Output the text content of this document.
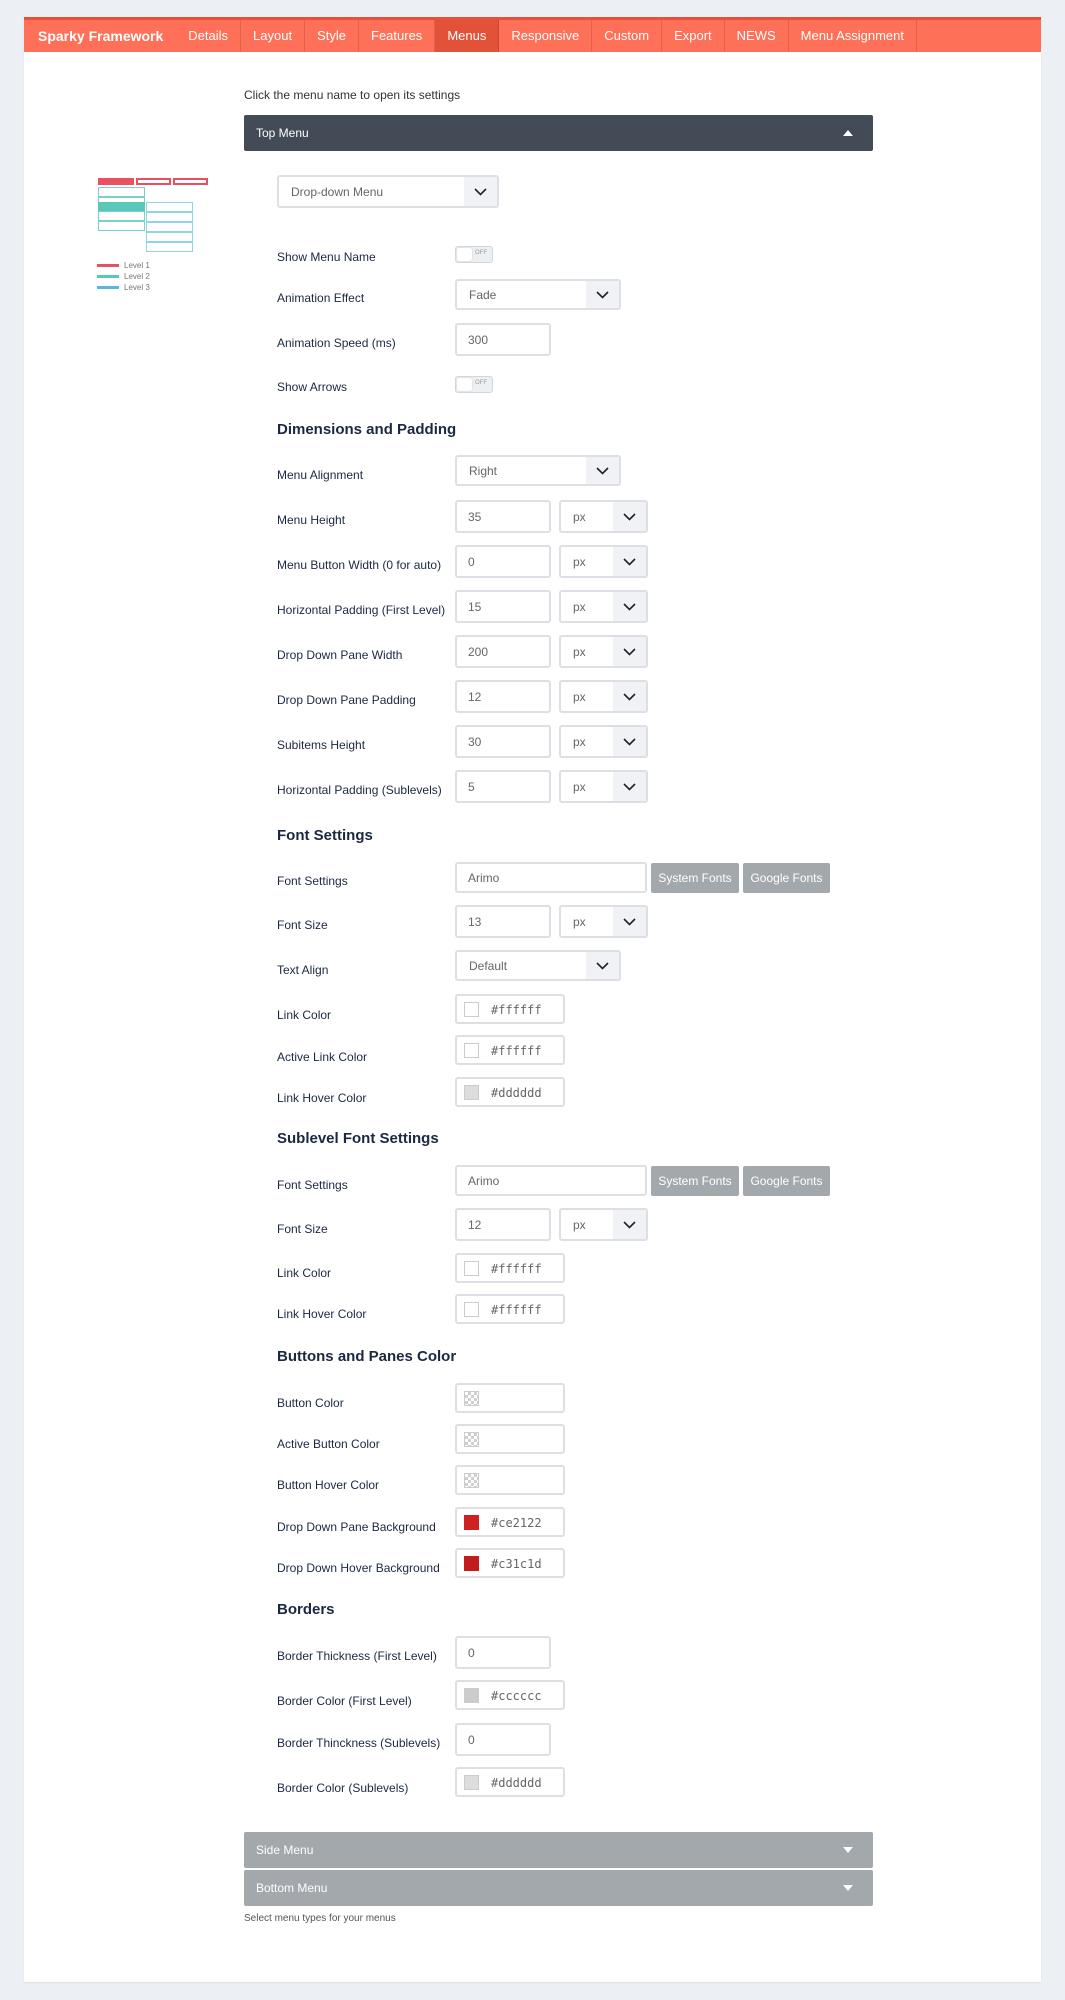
Sparky Framework	Details	Layout	Style	Features	Menus	Responsive	Custom	Export	NEWS	Menu Assignment
Click the menu name to open its settings
Top Menu
Level 1
Level 2
Level 3
Drop-down Menu
Show Menu Name	OFF
Animation Effect	Fade
Animation Speed (ms)	300
Show Arrows	OFF
Dimensions and Padding
Menu Alignment	Right
Menu Height	35	px
Menu Button Width (0 for auto)	0	px
Horizontal Padding (First Level)	15	px
Drop Down Pane Width	200	px
Drop Down Pane Padding	12	px
Subitems Height	30	px
Horizontal Padding (Sublevels)	5	px
Font Settings
Font Settings	Arimo	System Fonts	Google Fonts
Font Size	13	px
Text Align	Default
Link Color	#ffffff
Active Link Color	#ffffff
Link Hover Color	#dddddd
Sublevel Font Settings
Font Settings	Arimo	System Fonts	Google Fonts
Font Size	12	px
Link Color	#ffffff
Link Hover Color	#ffffff
Buttons and Panes Color
Button Color
Active Button Color
Button Hover Color
Drop Down Pane Background	#ce2122
Drop Down Hover Background	#c31c1d
Borders
Border Thickness (First Level)	0
Border Color (First Level)	#cccccc
Border Thinckness (Sublevels)	0
Border Color (Sublevels)	#dddddd
Side Menu
Bottom Menu
Select menu types for your menus
